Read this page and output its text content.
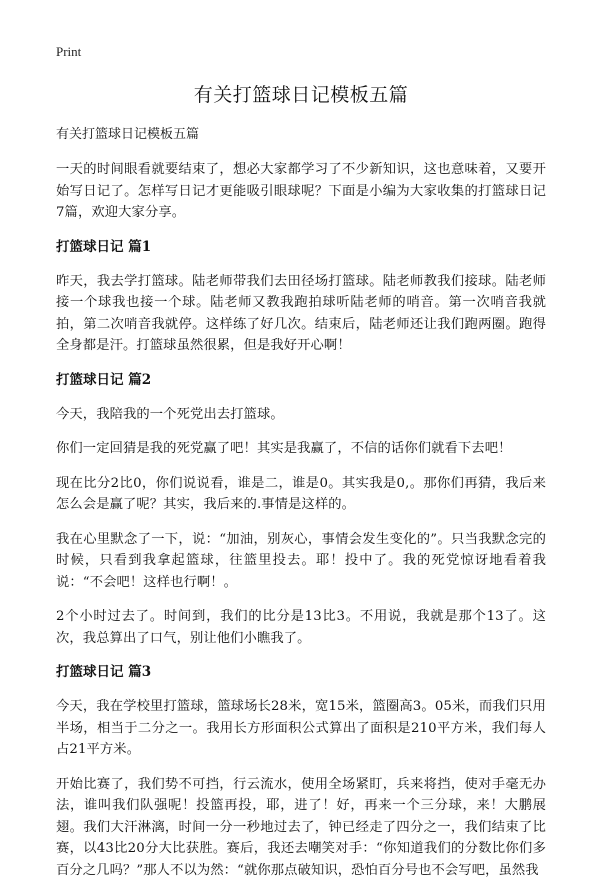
Print
有关打篮球日记模板五篇
有关打篮球日记模板五篇

一天的时间眼看就要结束了，想必大家都学习了不少新知识，这也意味着，又要开始写日记了。怎样写日记才更能吸引眼球呢？下面是小编为大家收集的打篮球日记7篇，欢迎大家分享。

打篮球日记 篇1

昨天，我去学打篮球。陆老师带我们去田径场打篮球。陆老师教我们接球。陆老师接一个球我也接一个球。陆老师又教我跑拍球听陆老师的哨音。第一次哨音我就拍，第二次哨音我就停。这样练了好几次。结束后，陆老师还让我们跑两圈。跑得全身都是汗。打篮球虽然很累，但是我好开心啊！

打篮球日记 篇2

今天，我陪我的一个死党出去打篮球。

你们一定回猜是我的死党赢了吧！其实是我赢了，不信的话你们就看下去吧！

现在比分2比0，你们说说看，谁是二，谁是0。其实我是0,。那你们再猜，我后来怎么会是赢了呢？其实，我后来的.事情是这样的。

我在心里默念了一下，说：“加油，别灰心，事情会发生变化的”。只当我默念完的时候，只看到我拿起篮球，往篮里投去。耶！投中了。我的死党惊讶地看着我说：“不会吧！这样也行啊！。

2个小时过去了。时间到，我们的比分是13比3。不用说，我就是那个13了。这次，我总算出了口气，别让他们小瞧我了。

打篮球日记 篇3

今天，我在学校里打篮球，篮球场长28米，宽15米，篮圈高3。05米，而我们只用半场，相当于二分之一。我用长方形面积公式算出了面积是210平方米，我们每人占21平方米。

开始比赛了，我们势不可挡，行云流水，使用全场紧盯，兵来将挡，使对手毫无办法，谁叫我们队强呢！投篮再投，耶，进了！好，再来一个三分球，来！大鹏展翅。我们大汗淋漓，时间一分一秒地过去了，钟已经走了四分之一，我们结束了比赛，以43比20分大比获胜。赛后，我还去嘲笑对手：“你知道我们的分数比你们多百分之几吗？”那人不以为然：“就你那点破知识，恐怕百分号也不会写吧，虽然我
